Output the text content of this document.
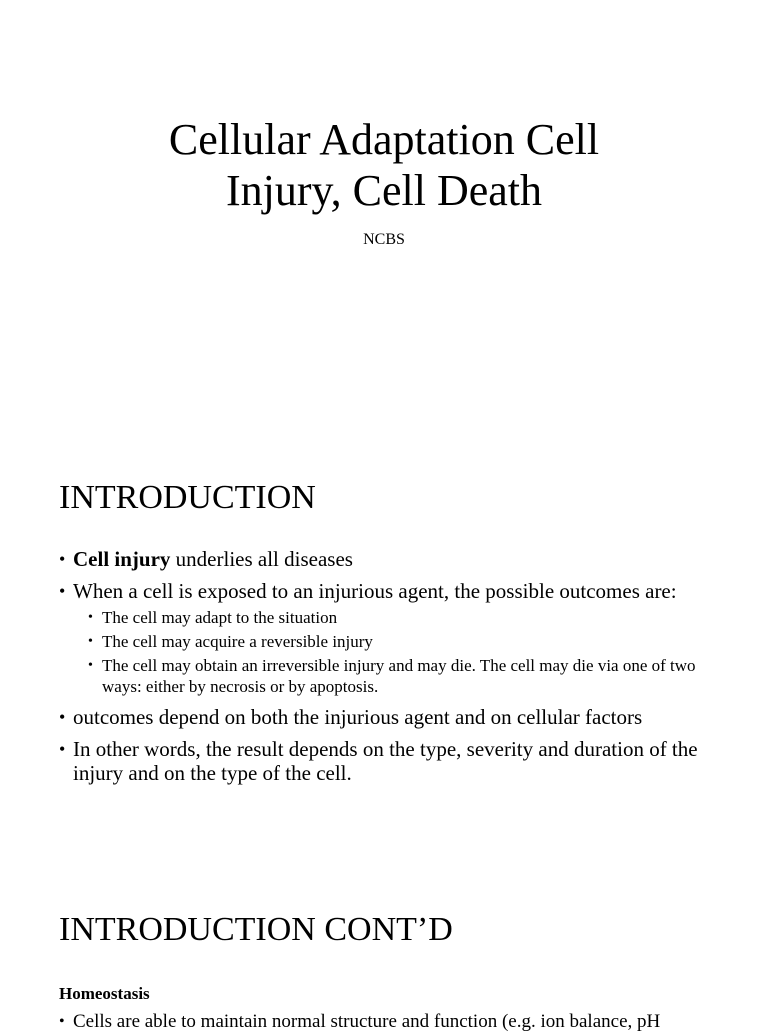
Cellular Adaptation Cell
Injury, Cell Death

NCBS

INTRODUCTION
• Cell injury underlies all diseases
• When a cell is exposed to an injurious agent, the possible outcomes are:
• The cell may adapt to the situation
• The cell may acquire a reversible injury
• The cell may obtain an irreversible injury and may die. The cell may die via one of two ways: either by necrosis or by apoptosis.
• outcomes depend on both the injurious agent and on cellular factors
• In other words, the result depends on the type, severity and duration of the injury and on the type of the cell.
INTRODUCTION CONT’D

Homeostasis

• Cells are able to maintain normal structure and function (e.g. ion balance, pH
